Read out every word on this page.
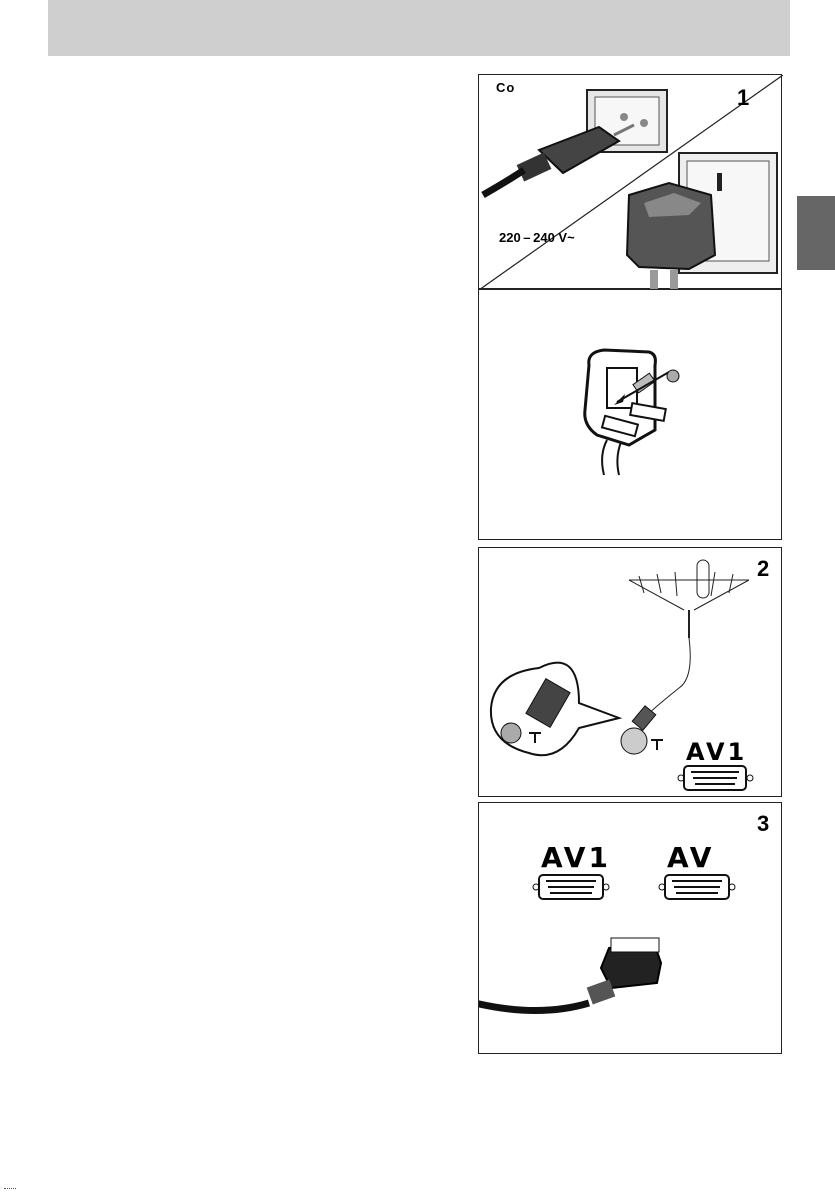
Co	1
220 – 240 V~
2
AV1
3
AV1 AV
